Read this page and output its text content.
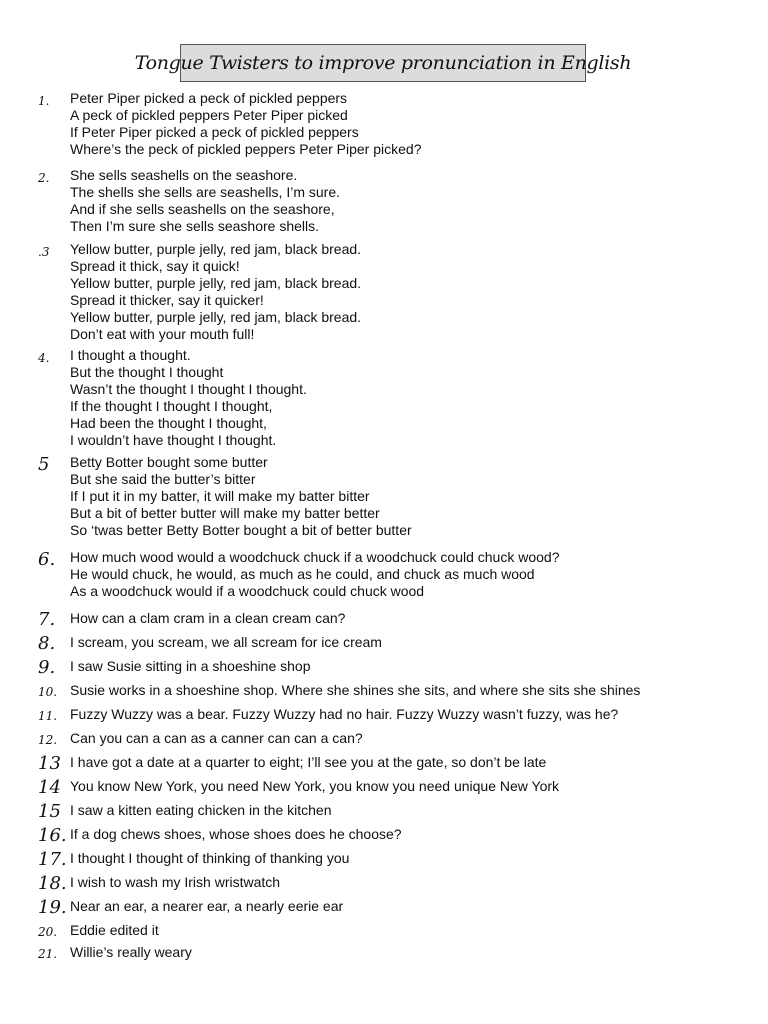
Tongue Twisters to improve pronunciation in English
1.	Peter Piper picked a peck of pickled peppers
A peck of pickled peppers Peter Piper picked
If Peter Piper picked a peck of pickled peppers
Where’s the peck of pickled peppers Peter Piper picked?
2.	She sells seashells on the seashore.
The shells she sells are seashells, I’m sure.
And if she sells seashells on the seashore,
Then I’m sure she sells seashore shells.
.3	Yellow butter, purple jelly, red jam, black bread.
Spread it thick, say it quick!
Yellow butter, purple jelly, red jam, black bread.
Spread it thicker, say it quicker!
Yellow butter, purple jelly, red jam, black bread.
Don’t eat with your mouth full!
4.	I thought a thought.
But the thought I thought
Wasn’t the thought I thought I thought.
If the thought I thought I thought,
Had been the thought I thought,
I wouldn’t have thought I thought.
5	Betty Botter bought some butter
But she said the butter’s bitter
If I put it in my batter, it will make my batter bitter
But a bit of better butter will make my batter better
So ‘twas better Betty Botter bought a bit of better butter
6.	How much wood would a woodchuck chuck if a woodchuck could chuck wood?
He would chuck, he would, as much as he could, and chuck as much wood
As a woodchuck would if a woodchuck could chuck wood
7.	How can a clam cram in a clean cream can?
8.	I scream, you scream, we all scream for ice cream
9.	I saw Susie sitting in a shoeshine shop
10. Susie works in a shoeshine shop. Where she shines she sits, and where she sits she shines
11. Fuzzy Wuzzy was a bear. Fuzzy Wuzzy had no hair. Fuzzy Wuzzy wasn’t fuzzy, was he?
12. Can you can a can as a canner can can a can?
13 I have got a date at a quarter to eight; I’ll see you at the gate, so don’t be late
14 You know New York, you need New York, you know you need unique New York
15 I saw a kitten eating chicken in the kitchen
16. If a dog chews shoes, whose shoes does he choose?
17. I thought I thought of thinking of thanking you
18. I wish to wash my Irish wristwatch
19. Near an ear, a nearer ear, a nearly eerie ear
20. Eddie edited it
21. Willie’s really weary
